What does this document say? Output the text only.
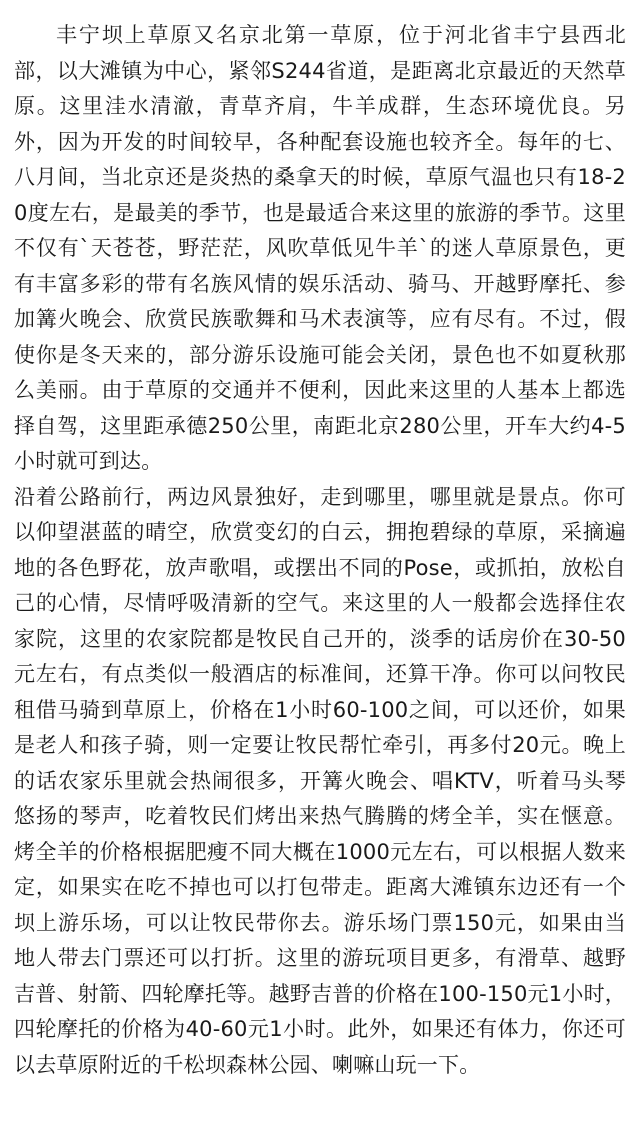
丰宁坝上草原又名京北第一草原，位于河北省丰宁县西北部，以大滩镇为中心，紧邻S244省道，是距离北京最近的天然草原。这里洼水清澈，青草齐肩，牛羊成群，生态环境优良。另外，因为开发的时间较早，各种配套设施也较齐全。每年的七、八月间，当北京还是炎热的桑拿天的时候，草原气温也只有18-20度左右，是最美的季节，也是最适合来这里的旅游的季节。这里不仅有`天苍苍，野茫茫，风吹草低见牛羊`的迷人草原景色，更有丰富多彩的带有名族风情的娱乐活动、骑马、开越野摩托、参加篝火晚会、欣赏民族歌舞和马术表演等，应有尽有。不过，假使你是冬天来的，部分游乐设施可能会关闭，景色也不如夏秋那么美丽。由于草原的交通并不便利，因此来这里的人基本上都选择自驾，这里距承德250公里，南距北京280公里，开车大约4-5小时就可到达。

沿着公路前行，两边风景独好，走到哪里，哪里就是景点。你可以仰望湛蓝的晴空，欣赏变幻的白云，拥抱碧绿的草原，采摘遍地的各色野花，放声歌唱，或摆出不同的Pose，或抓拍，放松自己的心情，尽情呼吸清新的空气。来这里的人一般都会选择住农家院，这里的农家院都是牧民自己开的，淡季的话房价在30-50元左右，有点类似一般酒店的标准间，还算干净。你可以问牧民租借马骑到草原上，价格在1小时60-100之间，可以还价，如果是老人和孩子骑，则一定要让牧民帮忙牵引，再多付20元。晚上的话农家乐里就会热闹很多，开篝火晚会、唱KTV，听着马头琴悠扬的琴声，吃着牧民们烤出来热气腾腾的烤全羊，实在惬意。烤全羊的价格根据肥瘦不同大概在1000元左右，可以根据人数来定，如果实在吃不掉也可以打包带走。距离大滩镇东边还有一个坝上游乐场，可以让牧民带你去。游乐场门票150元，如果由当地人带去门票还可以打折。这里的游玩项目更多，有滑草、越野吉普、射箭、四轮摩托等。越野吉普的价格在100-150元1小时，四轮摩托的价格为40-60元1小时。此外，如果还有体力，你还可以去草原附近的千松坝森林公园、喇嘛山玩一下。
